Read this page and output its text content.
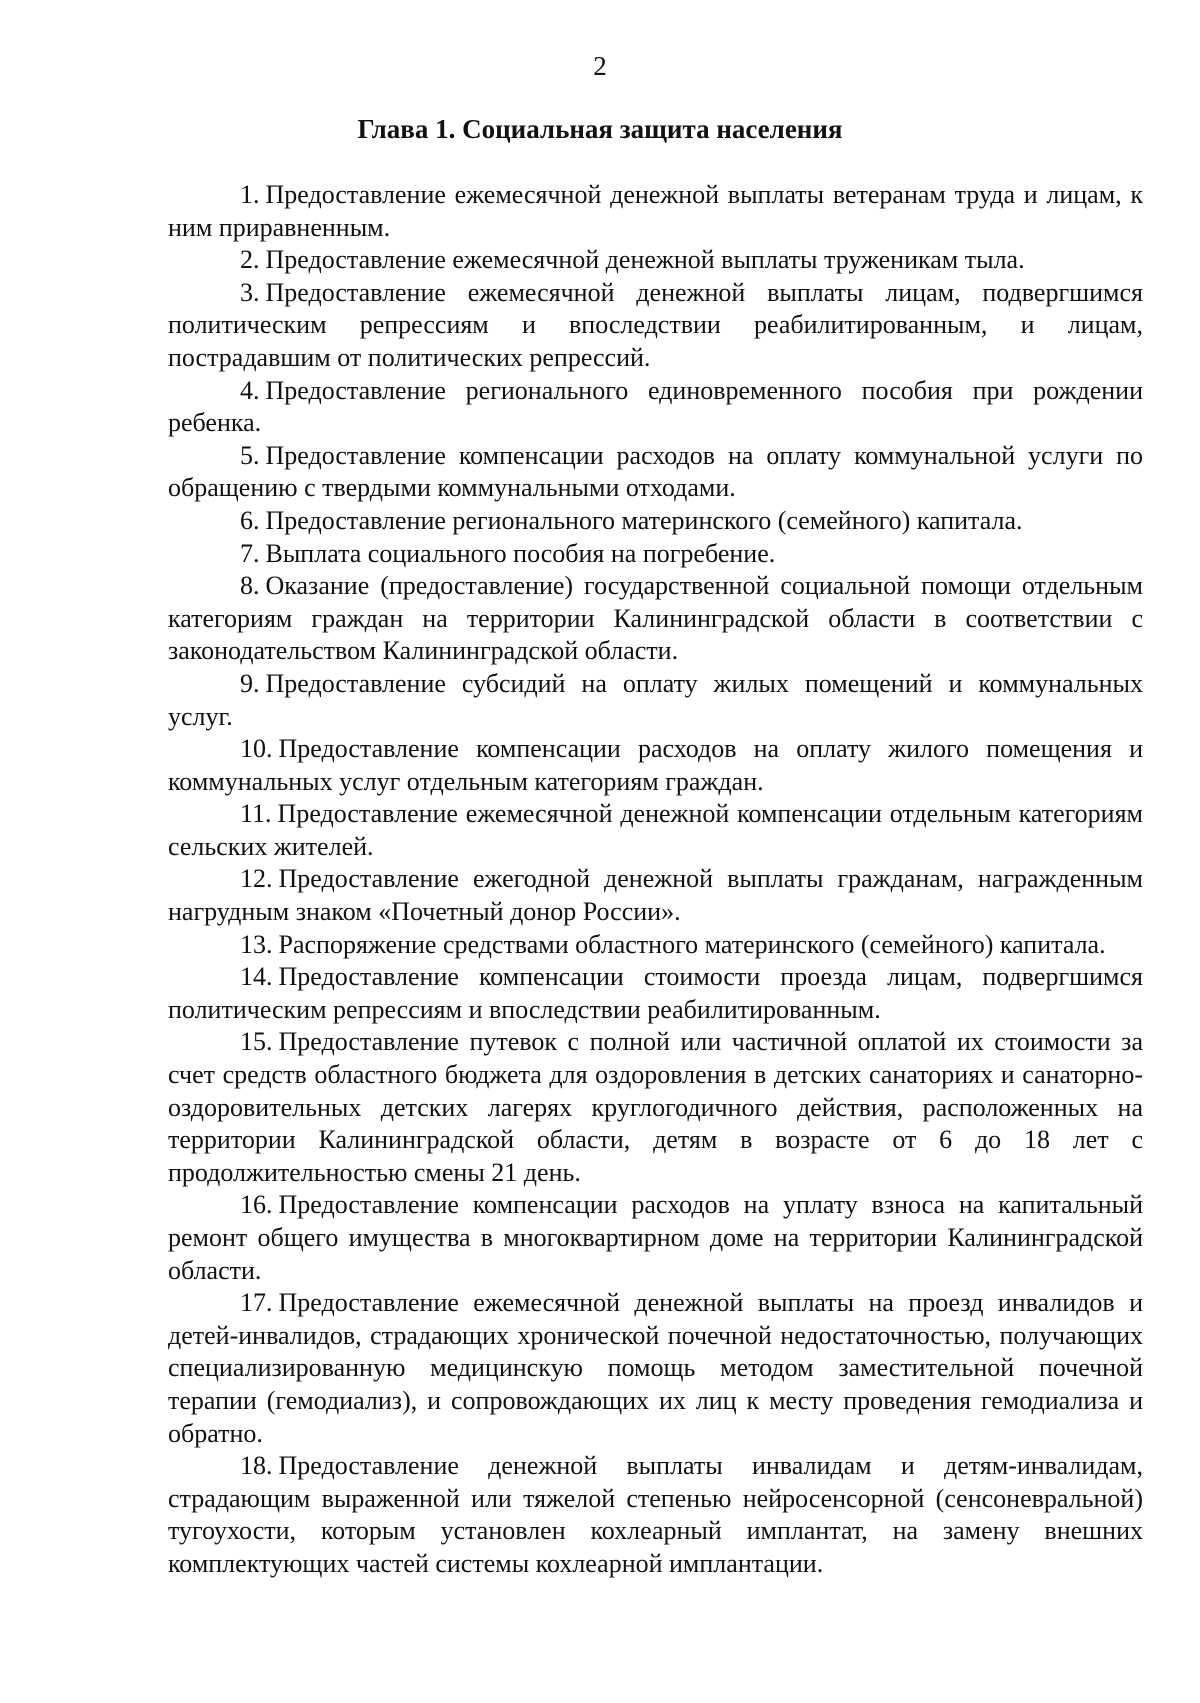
2
Глава 1. Социальная защита населения

1. Предоставление ежемесячной денежной выплаты ветеранам труда и лицам, к ним приравненным.

2. Предоставление ежемесячной денежной выплаты труженикам тыла.

3. Предоставление ежемесячной денежной выплаты лицам, подвергшимся политическим репрессиям и впоследствии реабилитированным, и лицам, пострадавшим от политических репрессий.

4. Предоставление регионального единовременного пособия при рождении ребенка.

5. Предоставление компенсации расходов на оплату коммунальной услуги по обращению с твердыми коммунальными отходами.

6. Предоставление регионального материнского (семейного) капитала.

7. Выплата социального пособия на погребение.

8. Оказание (предоставление) государственной социальной помощи отдельным категориям граждан на территории Калининградской области в соответствии с законодательством Калининградской области.

9. Предоставление субсидий на оплату жилых помещений и коммунальных услуг.

10. Предоставление компенсации расходов на оплату жилого помещения и коммунальных услуг отдельным категориям граждан.

11. Предоставление ежемесячной денежной компенсации отдельным категориям сельских жителей.

12. Предоставление ежегодной денежной выплаты гражданам, награжденным нагрудным знаком «Почетный донор России».

13. Распоряжение средствами областного материнского (семейного) капитала.

14. Предоставление компенсации стоимости проезда лицам, подвергшимся политическим репрессиям и впоследствии реабилитированным.

15. Предоставление путевок с полной или частичной оплатой их стоимости за счет средств областного бюджета для оздоровления в детских санаториях и санаторно-оздоровительных детских лагерях круглогодичного действия, расположенных на территории Калининградской области, детям в возрасте от 6 до 18 лет с продолжительностью смены 21 день.

16. Предоставление компенсации расходов на уплату взноса на капитальный ремонт общего имущества в многоквартирном доме на территории Калининградской области.

17. Предоставление ежемесячной денежной выплаты на проезд инвалидов и детей-инвалидов, страдающих хронической почечной недостаточностью, получающих специализированную медицинскую помощь методом заместительной почечной терапии (гемодиализ), и сопровождающих их лиц к месту проведения гемодиализа и обратно.

18. Предоставление денежной выплаты инвалидам и детям-инвалидам, страдающим выраженной или тяжелой степенью нейросенсорной (сенсоневральной) тугоухости, которым установлен кохлеарный имплантат, на замену внешних комплектующих частей системы кохлеарной имплантации.
